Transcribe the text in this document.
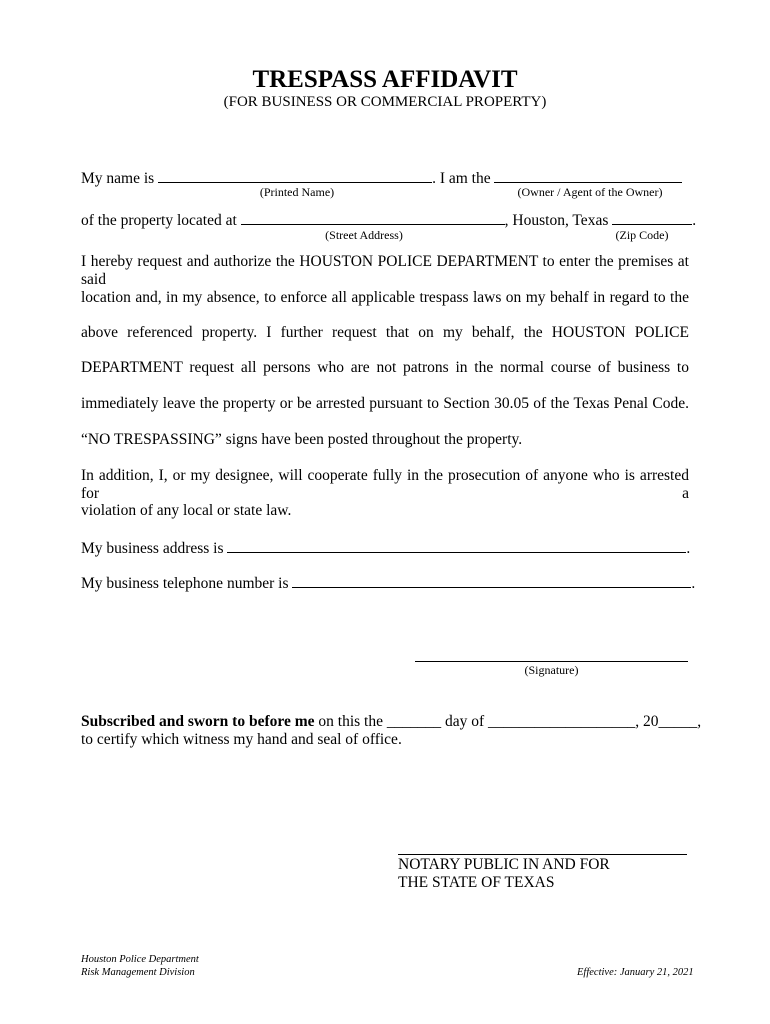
TRESPASS AFFIDAVIT
(FOR BUSINESS OR COMMERCIAL PROPERTY)
My name is	. I am the
(Printed Name)	(Owner / Agent of the Owner)
of the property located at	, Houston, Texas	.
(Street Address)	(Zip Code)
I hereby request and authorize the HOUSTON POLICE DEPARTMENT to enter the premises at said
location and, in my absence, to enforce all applicable trespass laws on my behalf in regard to the
above referenced property. I further request that on my behalf, the HOUSTON POLICE
DEPARTMENT request all persons who are not patrons in the normal course of business to
immediately leave the property or be arrested pursuant to Section 30.05 of the Texas Penal Code.
“NO TRESPASSING” signs have been posted throughout the property.
In addition, I, or my designee, will cooperate fully in the prosecution of anyone who is arrested for a
violation of any local or state law.
My business address is	.
My business telephone number is	.
(Signature)
Subscribed and sworn to before me on this the _______ day of ___________________, 20_____,
to certify which witness my hand and seal of office.
NOTARY PUBLIC IN AND FOR
THE STATE OF TEXAS
Houston Police Department
Risk Management Division	Effective: January 21, 2021
